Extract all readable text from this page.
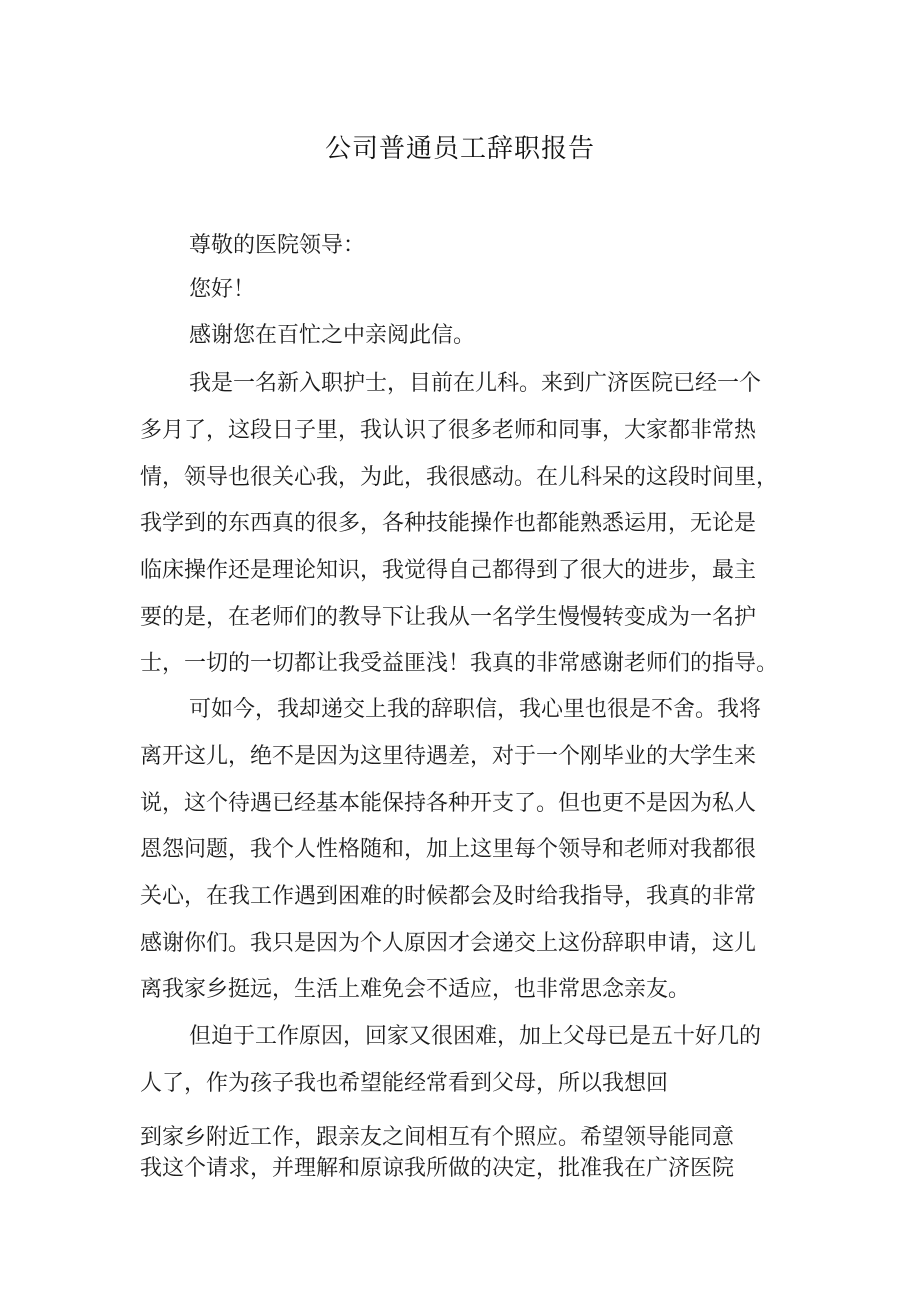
公司普通员工辞职报告
尊敬的医院领导：
您好！
感谢您在百忙之中亲阅此信。
我是一名新入职护士，目前在儿科。来到广济医院已经一个
多月了，这段日子里，我认识了很多老师和同事，大家都非常热
情，领导也很关心我，为此，我很感动。在儿科呆的这段时间里，
我学到的东西真的很多，各种技能操作也都能熟悉运用，无论是
临床操作还是理论知识，我觉得自己都得到了很大的进步，最主
要的是，在老师们的教导下让我从一名学生慢慢转变成为一名护
士，一切的一切都让我受益匪浅！我真的非常感谢老师们的指导。
可如今，我却递交上我的辞职信，我心里也很是不舍。我将
离开这儿，绝不是因为这里待遇差，对于一个刚毕业的大学生来
说，这个待遇已经基本能保持各种开支了。但也更不是因为私人
恩怨问题，我个人性格随和，加上这里每个领导和老师对我都很
关心，在我工作遇到困难的时候都会及时给我指导，我真的非常
感谢你们。我只是因为个人原因才会递交上这份辞职申请，这儿
离我家乡挺远，生活上难免会不适应，也非常思念亲友。
但迫于工作原因，回家又很困难，加上父母已是五十好几的
人了，作为孩子我也希望能经常看到父母，所以我想回
到家乡附近工作，跟亲友之间相互有个照应。希望领导能同意
我这个请求，并理解和原谅我所做的决定，批准我在广济医院
